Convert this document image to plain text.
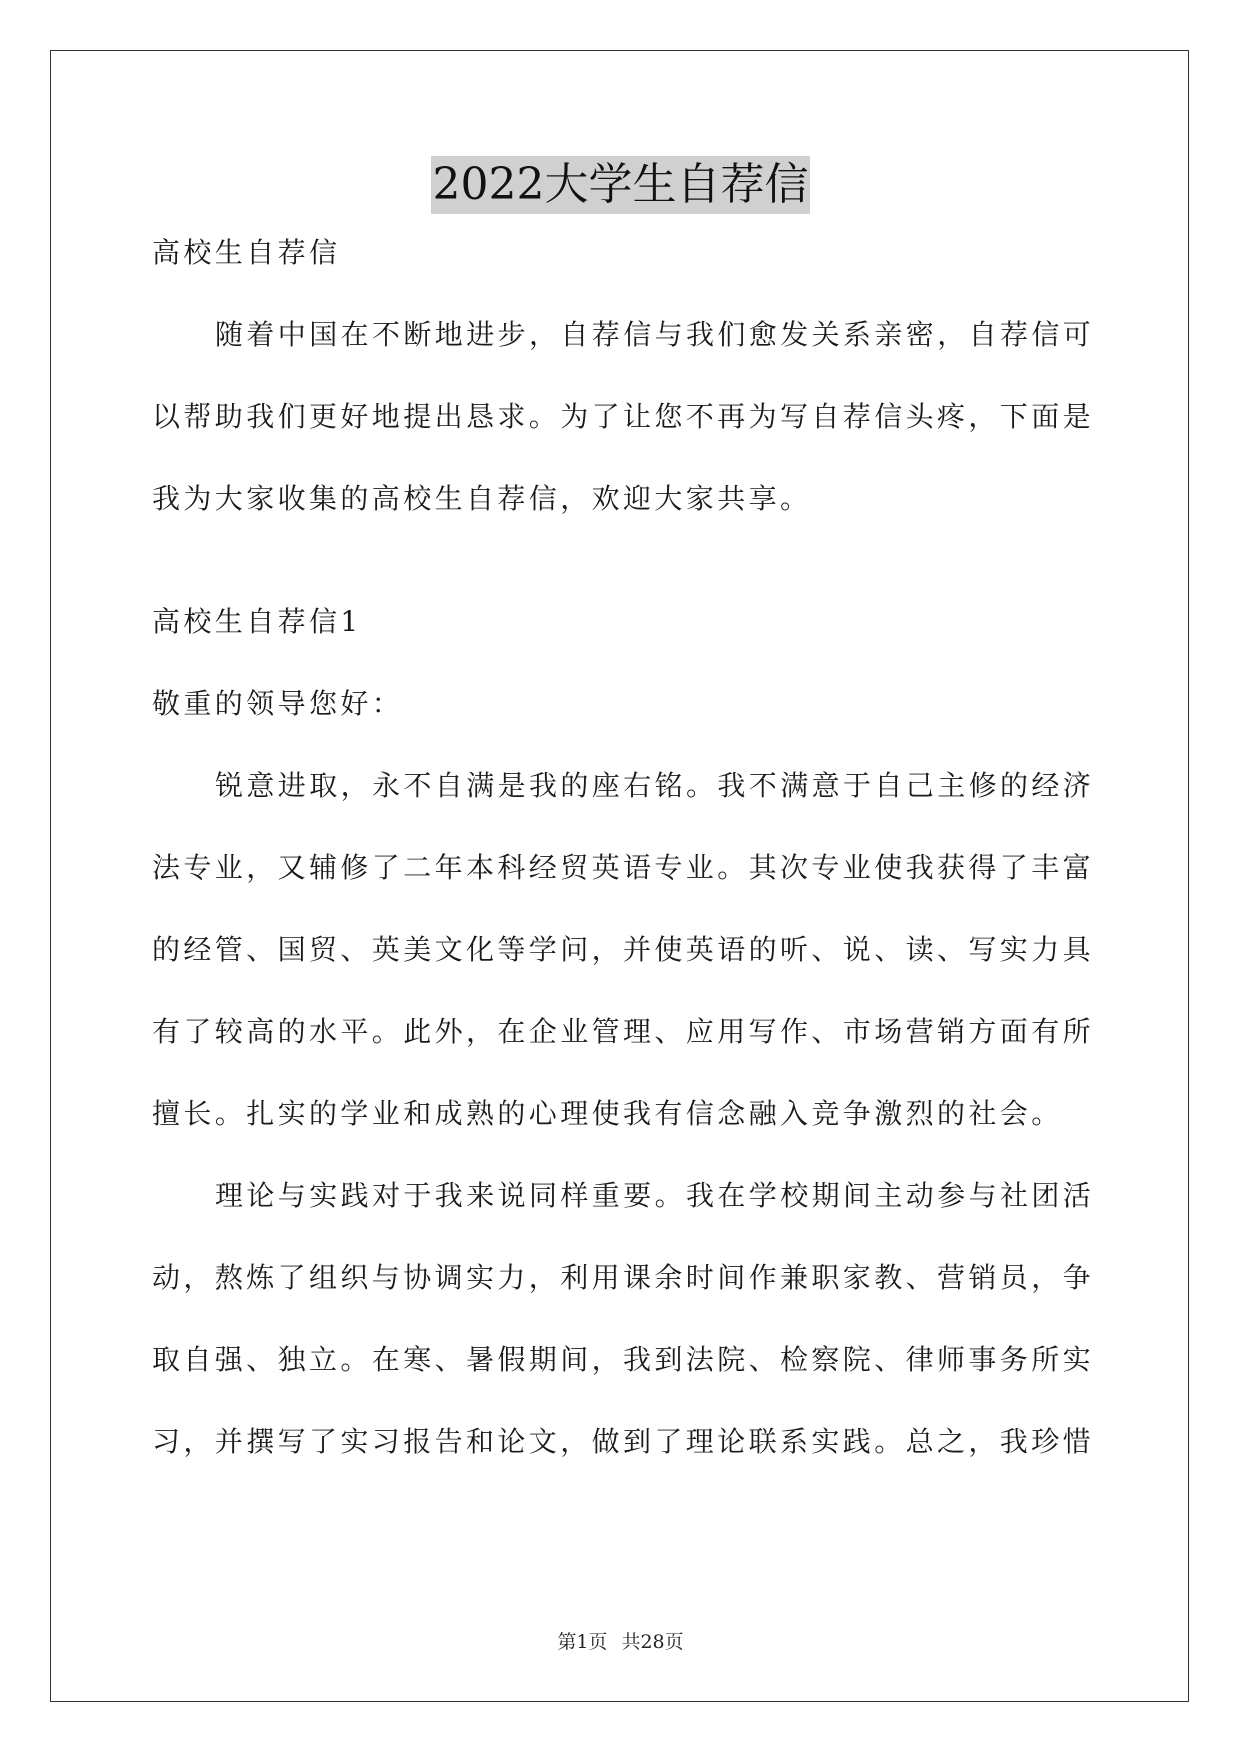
2022大学生自荐信

高校生自荐信

随着中国在不断地进步，自荐信与我们愈发关系亲密，自荐信可

以帮助我们更好地提出恳求。为了让您不再为写自荐信头疼，下面是

我为大家收集的高校生自荐信，欢迎大家共享。

高校生自荐信1

敬重的领导您好：

锐意进取，永不自满是我的座右铭。我不满意于自己主修的经济

法专业，又辅修了二年本科经贸英语专业。其次专业使我获得了丰富

的经管、国贸、英美文化等学问，并使英语的听、说、读、写实力具

有了较高的水平。此外，在企业管理、应用写作、市场营销方面有所

擅长。扎实的学业和成熟的心理使我有信念融入竞争激烈的社会。

理论与实践对于我来说同样重要。我在学校期间主动参与社团活

动，熬炼了组织与协调实力，利用课余时间作兼职家教、营销员，争

取自强、独立。在寒、暑假期间，我到法院、检察院、律师事务所实

习，并撰写了实习报告和论文，做到了理论联系实践。总之，我珍惜

第1页 共28页
